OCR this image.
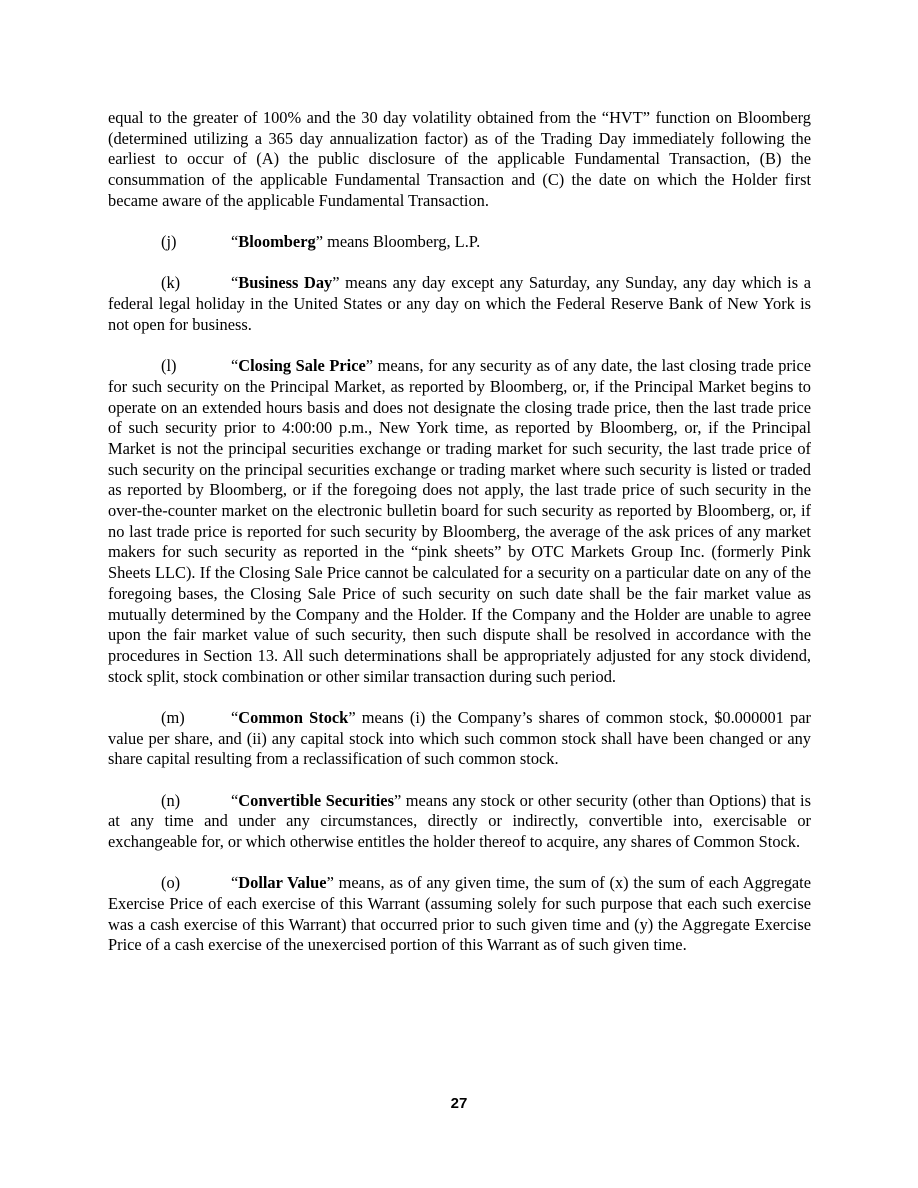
equal to the greater of 100% and the 30 day volatility obtained from the “HVT” function on Bloomberg (determined utilizing a 365 day annualization factor) as of the Trading Day immediately following the earliest to occur of (A) the public disclosure of the applicable Fundamental Transaction, (B) the consummation of the applicable Fundamental Transaction and (C) the date on which the Holder first became aware of the applicable Fundamental Transaction.

(j)	“Bloomberg” means Bloomberg, L.P.

(k)	“Business Day” means any day except any Saturday, any Sunday, any day which is a federal legal holiday in the United States or any day on which the Federal Reserve Bank of New York is not open for business.

(l)	“Closing Sale Price” means, for any security as of any date, the last closing trade price for such security on the Principal Market, as reported by Bloomberg, or, if the Principal Market begins to operate on an extended hours basis and does not designate the closing trade price, then the last trade price of such security prior to 4:00:00 p.m., New York time, as reported by Bloomberg, or, if the Principal Market is not the principal securities exchange or trading market for such security, the last trade price of such security on the principal securities exchange or trading market where such security is listed or traded as reported by Bloomberg, or if the foregoing does not apply, the last trade price of such security in the over-the-counter market on the electronic bulletin board for such security as reported by Bloomberg, or, if no last trade price is reported for such security by Bloomberg, the average of the ask prices of any market makers for such security as reported in the “pink sheets” by OTC Markets Group Inc. (formerly Pink Sheets LLC). If the Closing Sale Price cannot be calculated for a security on a particular date on any of the foregoing bases, the Closing Sale Price of such security on such date shall be the fair market value as mutually determined by the Company and the Holder. If the Company and the Holder are unable to agree upon the fair market value of such security, then such dispute shall be resolved in accordance with the procedures in Section 13. All such determinations shall be appropriately adjusted for any stock dividend, stock split, stock combination or other similar transaction during such period.

(m)	“Common Stock” means (i) the Company’s shares of common stock, $0.000001 par value per share, and (ii) any capital stock into which such common stock shall have been changed or any share capital resulting from a reclassification of such common stock.

(n)	“Convertible Securities” means any stock or other security (other than Options) that is at any time and under any circumstances, directly or indirectly, convertible into, exercisable or exchangeable for, or which otherwise entitles the holder thereof to acquire, any shares of Common Stock.

(o)	“Dollar Value” means, as of any given time, the sum of (x) the sum of each Aggregate Exercise Price of each exercise of this Warrant (assuming solely for such purpose that each such exercise was a cash exercise of this Warrant) that occurred prior to such given time and (y) the Aggregate Exercise Price of a cash exercise of the unexercised portion of this Warrant as of such given time.

27
